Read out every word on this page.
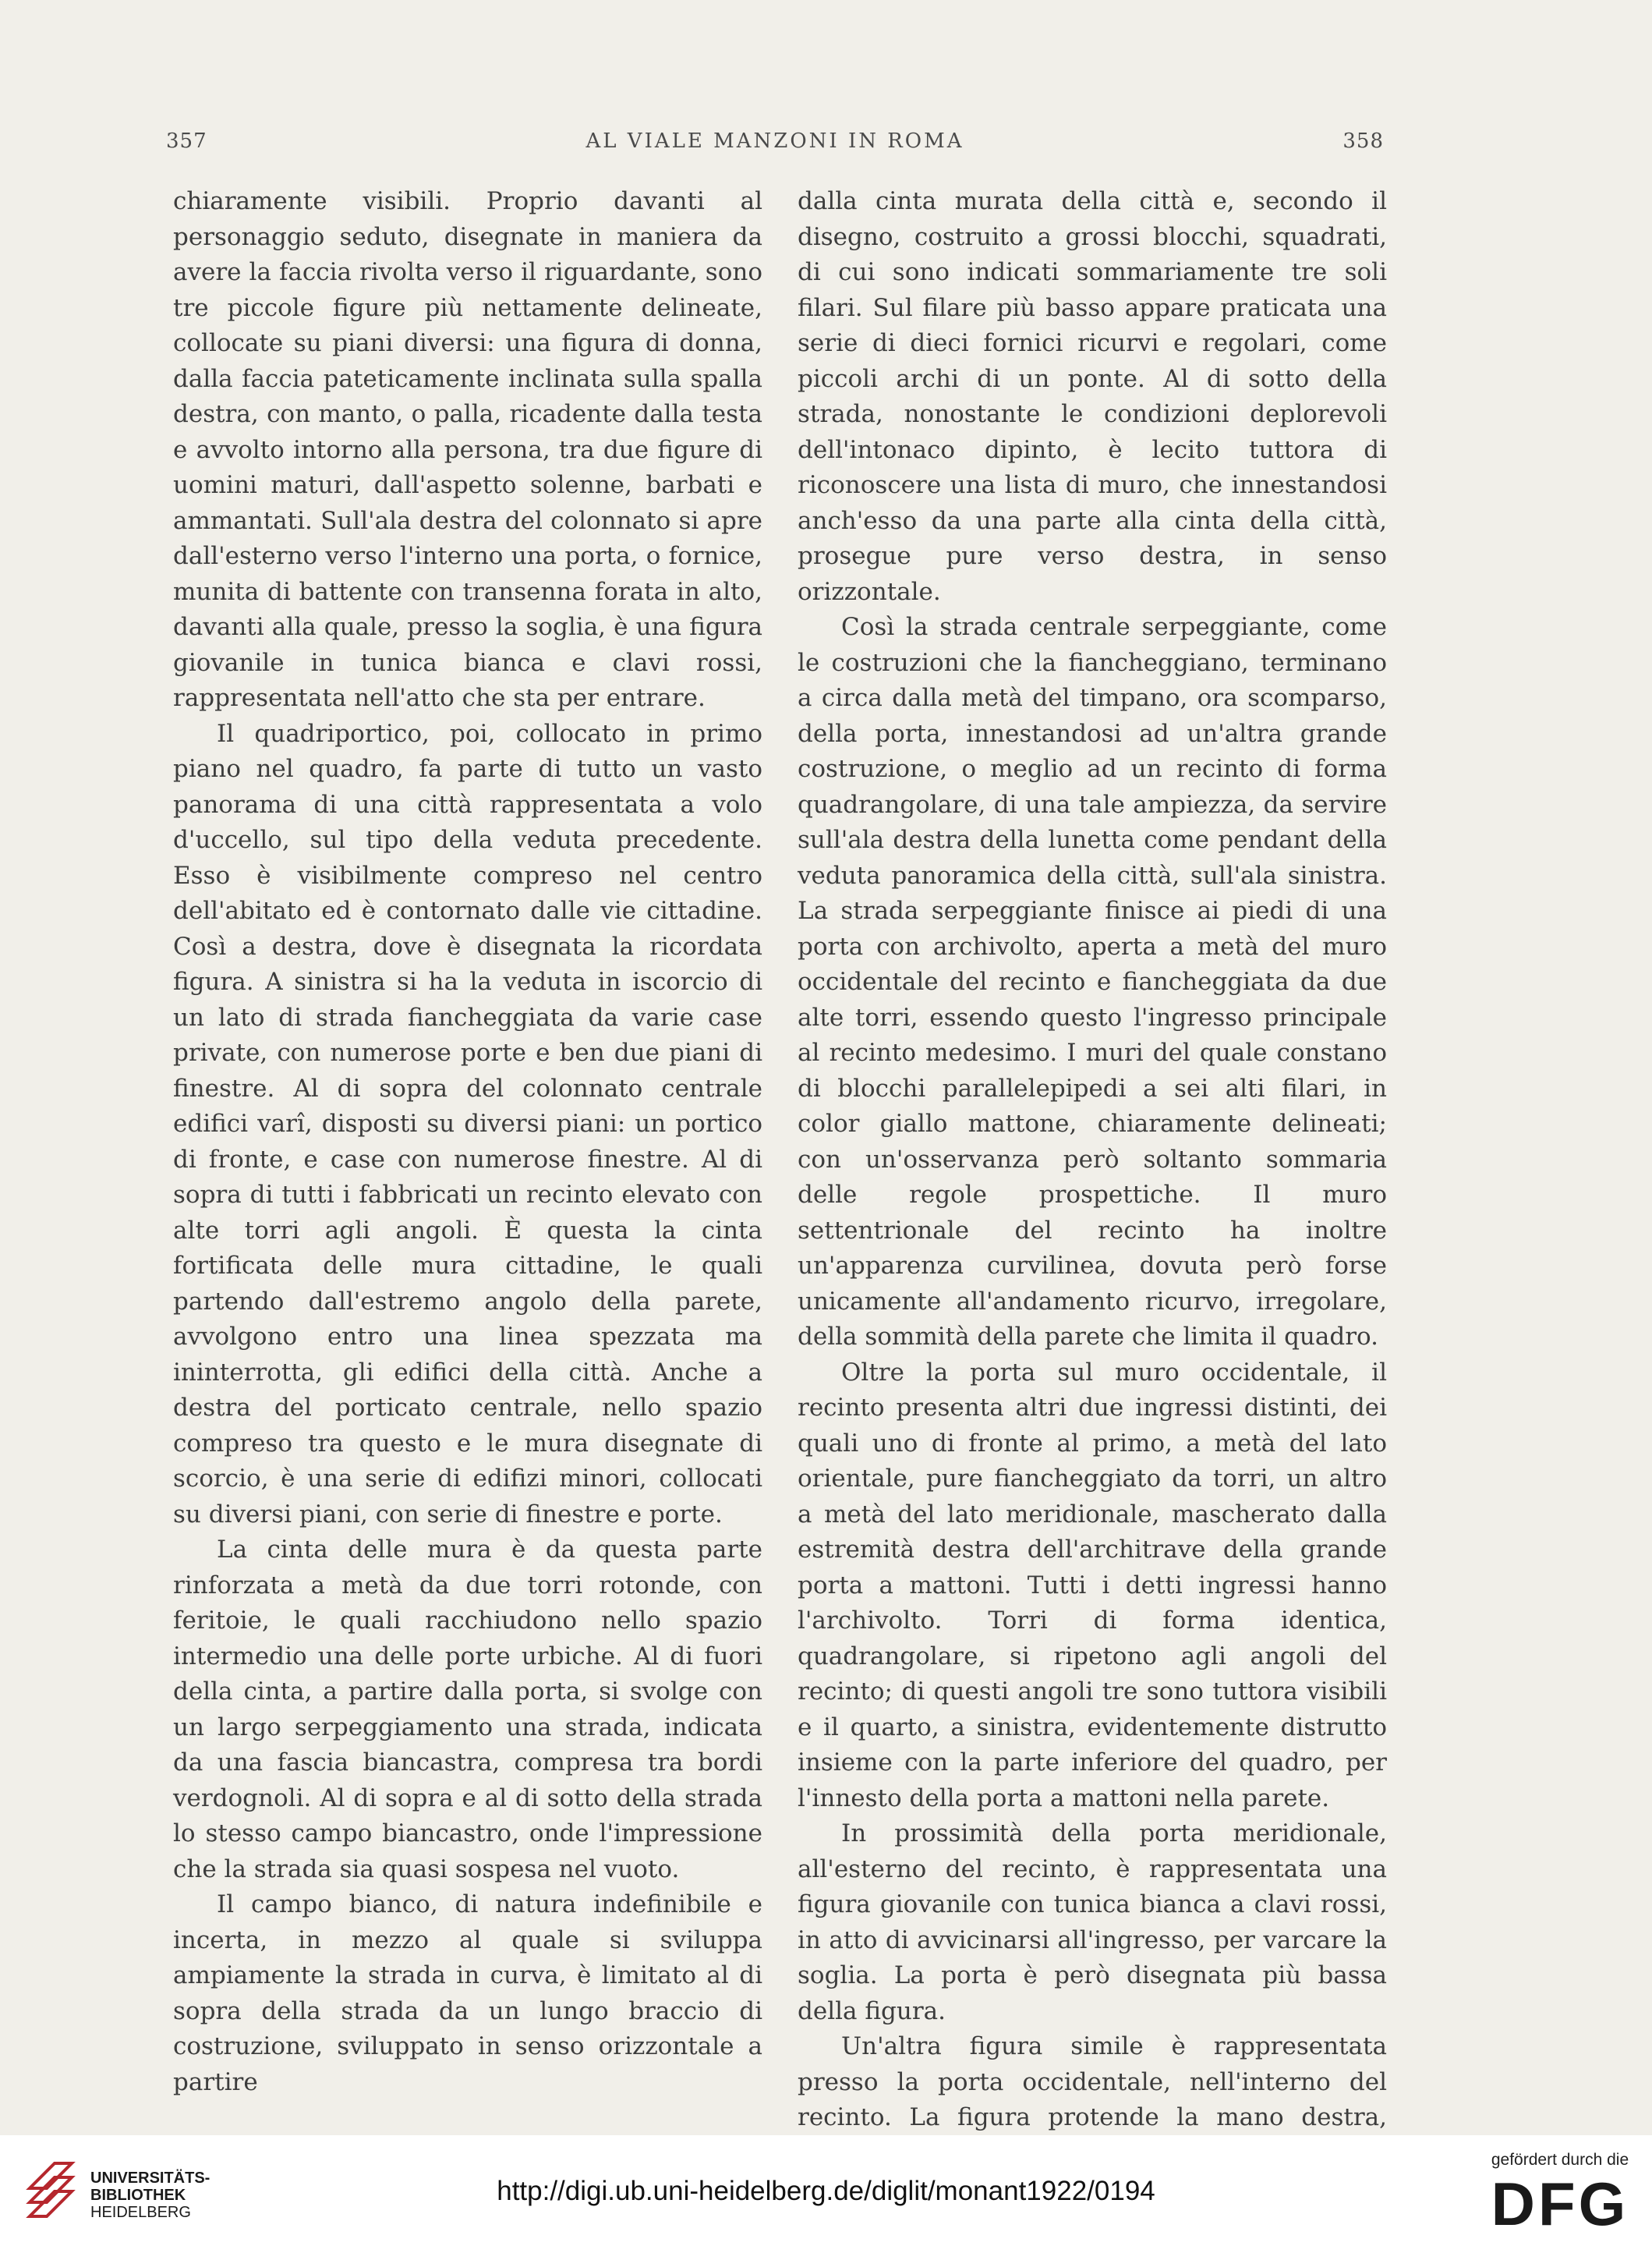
357	AL VIALE MANZONI IN ROMA	358

chiaramente visibili. Proprio davanti al personaggio seduto, disegnate in maniera da avere la faccia rivolta verso il riguardante, sono tre piccole figure più nettamente delineate, collocate su piani diversi: una figura di donna, dalla faccia pateticamente inclinata sulla spalla destra, con manto, o palla, ricadente dalla testa e avvolto intorno alla persona, tra due figure di uomini maturi, dall'aspetto solenne, barbati e ammantati. Sull'ala destra del colonnato si apre dall'esterno verso l'interno una porta, o fornice, munita di battente con transenna forata in alto, davanti alla quale, presso la soglia, è una figura giovanile in tunica bianca e clavi rossi, rappresentata nell'atto che sta per entrare.

Il quadriportico, poi, collocato in primo piano nel quadro, fa parte di tutto un vasto panorama di una città rappresentata a volo d'uccello, sul tipo della veduta precedente. Esso è visibilmente compreso nel centro dell'abitato ed è contornato dalle vie cittadine. Così a destra, dove è disegnata la ricordata figura. A sinistra si ha la veduta in iscorcio di un lato di strada fiancheggiata da varie case private, con numerose porte e ben due piani di finestre. Al di sopra del colonnato centrale edifici varî, disposti su diversi piani: un portico di fronte, e case con numerose finestre. Al di sopra di tutti i fabbricati un recinto elevato con alte torri agli angoli. È questa la cinta fortificata delle mura cittadine, le quali partendo dall'estremo angolo della parete, avvolgono entro una linea spezzata ma ininterrotta, gli edifici della città. Anche a destra del porticato centrale, nello spazio compreso tra questo e le mura disegnate di scorcio, è una serie di edifizi minori, collocati su diversi piani, con serie di finestre e porte.

La cinta delle mura è da questa parte rinforzata a metà da due torri rotonde, con feritoie, le quali racchiudono nello spazio intermedio una delle porte urbiche. Al di fuori della cinta, a partire dalla porta, si svolge con un largo serpeggiamento una strada, indicata da una fascia biancastra, compresa tra bordi verdognoli. Al di sopra e al di sotto della strada lo stesso campo biancastro, onde l'impressione che la strada sia quasi sospesa nel vuoto.

Il campo bianco, di natura indefinibile e incerta, in mezzo al quale si sviluppa ampiamente la strada in curva, è limitato al di sopra della strada da un lungo braccio di costruzione, sviluppato in senso orizzontale a partire

dalla cinta murata della città e, secondo il disegno, costruito a grossi blocchi, squadrati, di cui sono indicati sommariamente tre soli filari. Sul filare più basso appare praticata una serie di dieci fornici ricurvi e regolari, come piccoli archi di un ponte. Al di sotto della strada, nonostante le condizioni deplorevoli dell'intonaco dipinto, è lecito tuttora di riconoscere una lista di muro, che innestandosi anch'esso da una parte alla cinta della città, prosegue pure verso destra, in senso orizzontale.

Così la strada centrale serpeggiante, come le costruzioni che la fiancheggiano, terminano a circa dalla metà del timpano, ora scomparso, della porta, innestandosi ad un'altra grande costruzione, o meglio ad un recinto di forma quadrangolare, di una tale ampiezza, da servire sull'ala destra della lunetta come pendant della veduta panoramica della città, sull'ala sinistra. La strada serpeggiante finisce ai piedi di una porta con archivolto, aperta a metà del muro occidentale del recinto e fiancheggiata da due alte torri, essendo questo l'ingresso principale al recinto medesimo. I muri del quale constano di blocchi parallelepipedi a sei alti filari, in color giallo mattone, chiaramente delineati; con un'osservanza però soltanto sommaria delle regole prospettiche. Il muro settentrionale del recinto ha inoltre un'apparenza curvilinea, dovuta però forse unicamente all'andamento ricurvo, irregolare, della sommità della parete che limita il quadro.

Oltre la porta sul muro occidentale, il recinto presenta altri due ingressi distinti, dei quali uno di fronte al primo, a metà del lato orientale, pure fiancheggiato da torri, un altro a metà del lato meridionale, mascherato dalla estremità destra dell'architrave della grande porta a mattoni. Tutti i detti ingressi hanno l'archivolto. Torri di forma identica, quadrangolare, si ripetono agli angoli del recinto; di questi angoli tre sono tuttora visibili e il quarto, a sinistra, evidentemente distrutto insieme con la parte inferiore del quadro, per l'innesto della porta a mattoni nella parete.

In prossimità della porta meridionale, all'esterno del recinto, è rappresentata una figura giovanile con tunica bianca a clavi rossi, in atto di avvicinarsi all'ingresso, per varcare la soglia. La porta è però disegnata più bassa della figura.

Un'altra figura simile è rappresentata presso la porta occidentale, nell'interno del recinto. La figura protende la mano destra,

UNIVERSITÄTS-
BIBLIOTHEK
HEIDELBERG
http://digi.ub.uni-heidelberg.de/diglit/monant1922/0194
gefördert durch die
DFG
